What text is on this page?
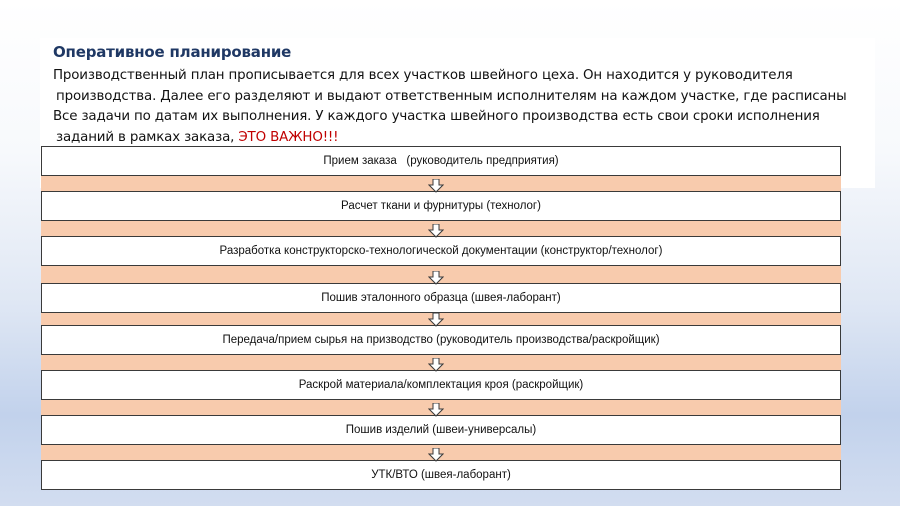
Оперативное планирование

Производственный план прописывается для всех участков швейного цеха. Он находится у руководителя
производства. Далее его разделяют и выдают ответственным исполнителям на каждом участке, где расписаны
Все задачи по датам их выполнения. У каждого участка швейного производства есть свои сроки исполнения
заданий в рамках заказа, ЭТО ВАЖНО!!!

Прием заказа   (руководитель предприятия)
Расчет ткани и фурнитуры (технолог)
Разработка конструкторско-технологической документации (конструктор/технолог)
Пошив эталонного образца (швея-лаборант)
Передача/прием сырья на призводство (руководитель производства/раскройщик)
Раскрой материала/комплектация кроя (раскройщик)
Пошив изделий (швеи-универсалы)
УТК/ВТО (швея-лаборант)
